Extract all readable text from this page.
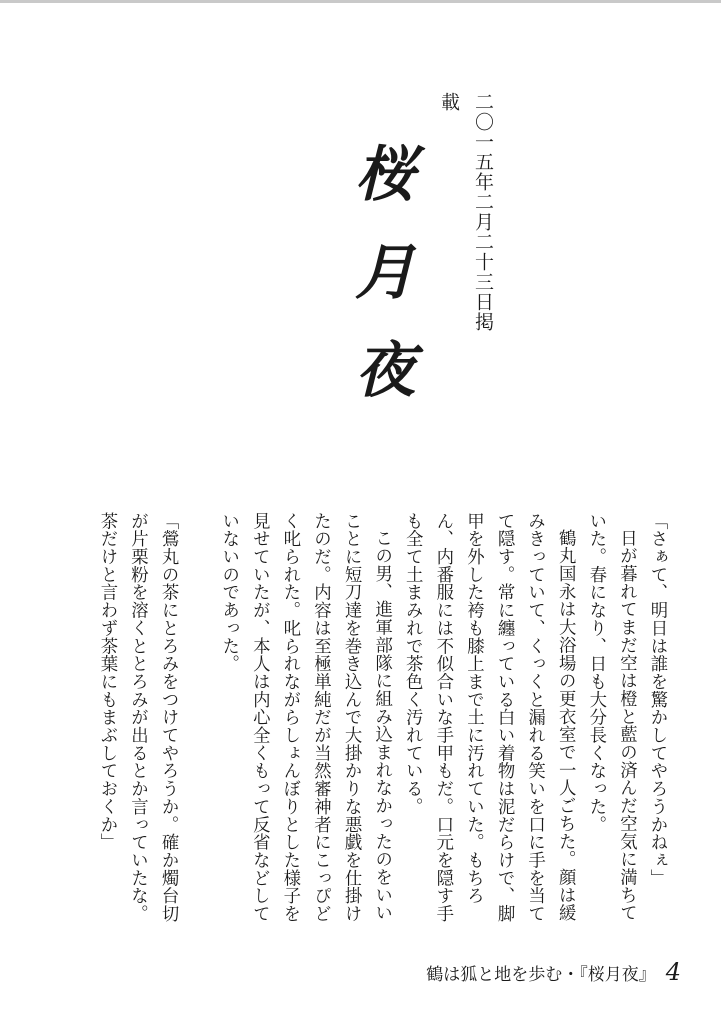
二〇一五年二月二十三日掲載
桜月夜

「さぁて、明日は誰を驚かしてやろうかねぇ」

日が暮れてまだ空は橙と藍の済んだ空気に満ちていた。春になり、日も大分長くなった。

鶴丸国永は大浴場の更衣室で一人ごちた。顔は緩みきっていて、くっくと漏れる笑いを口に手を当てて隠す。常に纏っている白い着物は泥だらけで、脚甲を外した袴も膝上まで土に汚れていた。もちろん、内番服には不似合いな手甲もだ。口元を隠す手も全て土まみれで茶色く汚れている。

この男、進軍部隊に組み込まれなかったのをいいことに短刀達を巻き込んで大掛かりな悪戯を仕掛けたのだ。内容は至極単純だが当然審神者にこっぴどく叱られた。叱られながらしょんぼりとした様子を見せていたが、本人は内心全くもって反省などしていないのであった。

「鶯丸の茶にとろみをつけてやろうか。確か燭台切が片栗粉を溶くととろみが出るとか言っていたな。茶だけと言わず茶葉にもまぶしておくか」

鶴は狐と地を歩む・『桜月夜』 4
